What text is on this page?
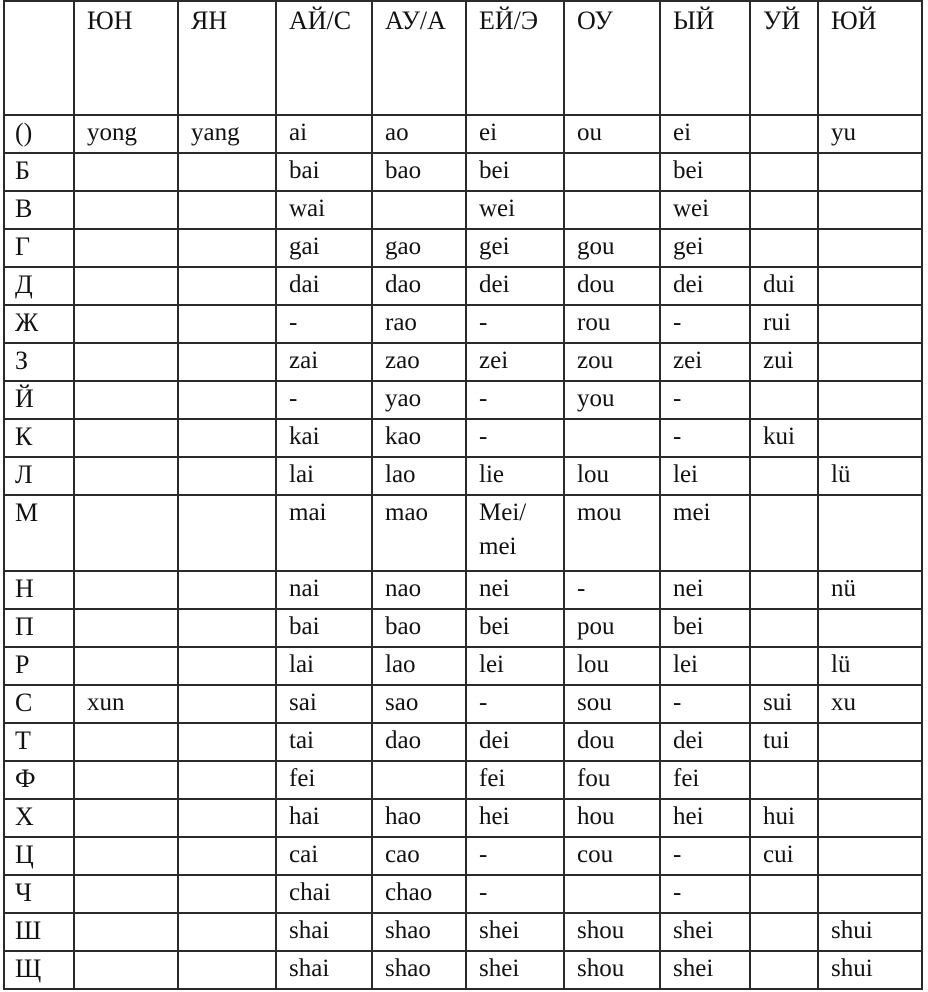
	ЮН	ЯН	АЙ/С	АУ/А	ЕЙ/Э	ОУ	ЫЙ	УЙ	ЮЙ
()	yong	yang	ai	ao	ei	ou	ei		yu
Б			bai	bao	bei		bei		
В			wai		wei		wei		
Г			gai	gao	gei	gou	gei		
Д			dai	dao	dei	dou	dei	dui	
Ж			-	rao	-	rou	-	rui	
З			zai	zao	zei	zou	zei	zui	
Й			-	yao	-	you	-		
К			kai	kao	-		-	kui	
Л			lai	lao	lie	lou	lei		lü
М			mai	mao	Mei/ mei	mou	mei		
Н			nai	nao	nei	-	nei		nü
П			bai	bao	bei	pou	bei		
Р			lai	lao	lei	lou	lei		lü
С	xun		sai	sao	-	sou	-	sui	xu
Т			tai	dao	dei	dou	dei	tui	
Ф			fei		fei	fou	fei		
Х			hai	hao	hei	hou	hei	hui	
Ц			cai	cao	-	cou	-	cui	
Ч			chai	chao	-		-		
Ш			shai	shao	shei	shou	shei		shui
Щ			shai	shao	shei	shou	shei		shui
